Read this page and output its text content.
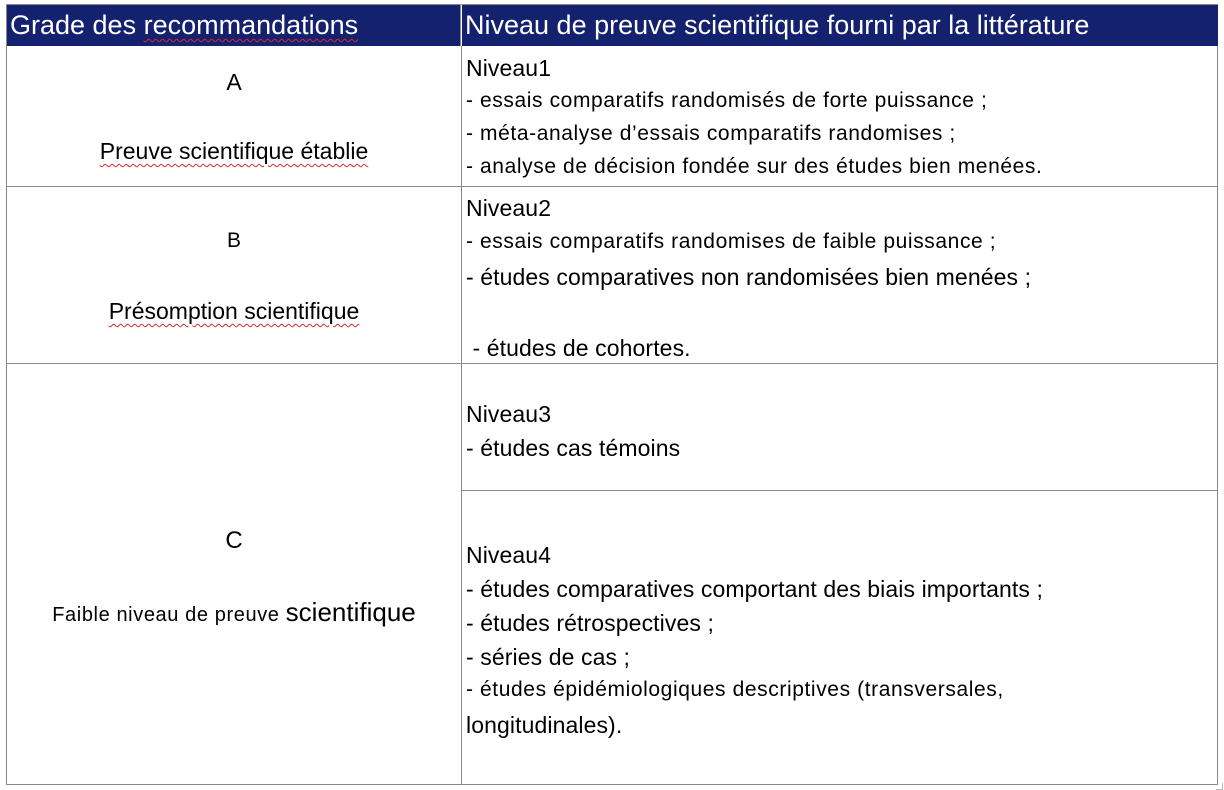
Grade des recommandations	Niveau de preuve scientifique fourni par la littérature
A
Preuve scientifique établie
Niveau1
- essais comparatifs randomisés de forte puissance ;
- méta-analyse d’essais comparatifs randomises ;
- analyse de décision fondée sur des études bien menées.
B
Présomption scientifique
Niveau2
- essais comparatifs randomises de faible puissance ;
- études comparatives non randomisées bien menées ;
- études de cohortes.
C
Faible niveau de preuve scientifique
Niveau3
- études cas témoins
Niveau4
- études comparatives comportant des biais importants ;
- études rétrospectives ;
- séries de cas ;
- études épidémiologiques descriptives (transversales,
longitudinales).
